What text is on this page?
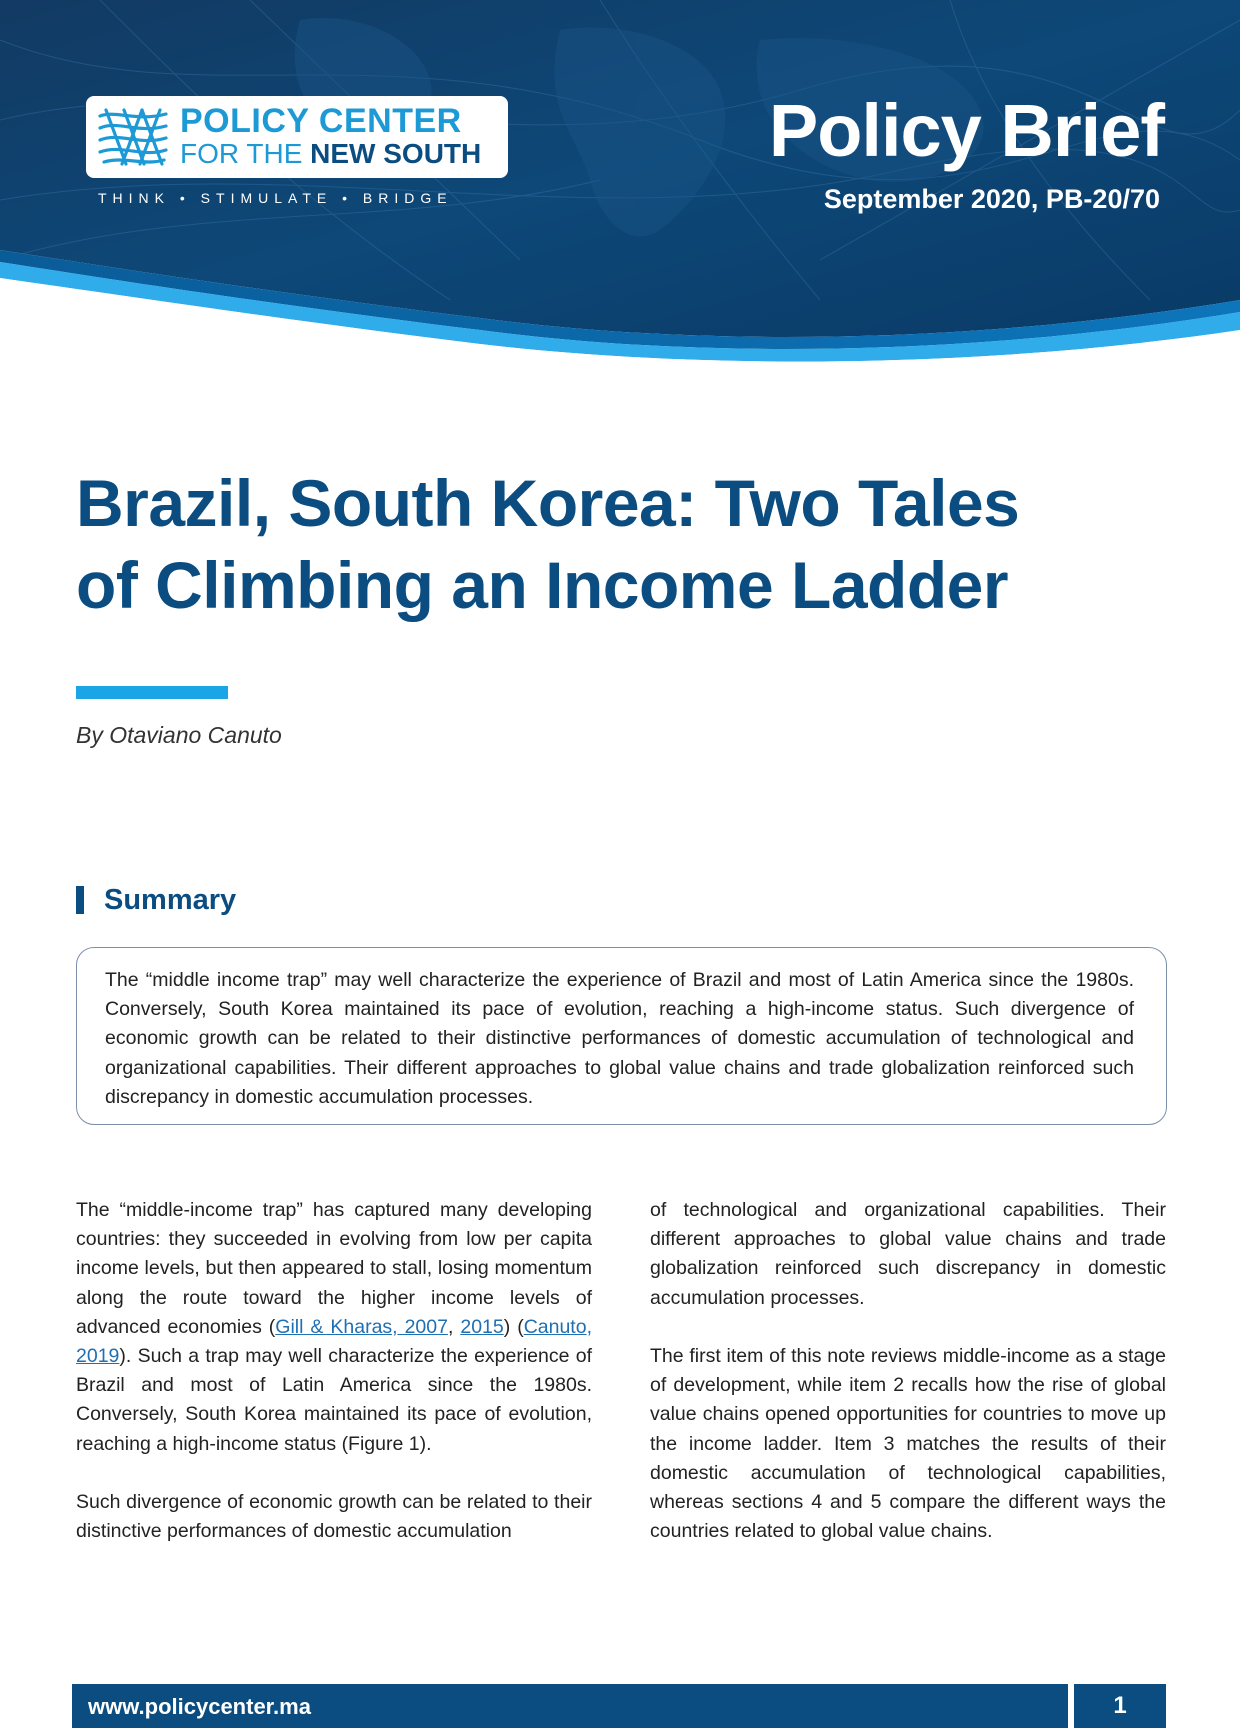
POLICY CENTER
FOR THE NEW SOUTH
THINK • STIMULATE • BRIDGE
Policy Brief
September 2020, PB-20/70
Brazil, South Korea: Two Tales
of Climbing an Income Ladder
By Otaviano Canuto
Summary

The “middle income trap” may well characterize the experience of Brazil and most of Latin America since the 1980s. Conversely, South Korea maintained its pace of evolution, reaching a high-income status. Such divergence of economic growth can be related to their distinctive performances of domestic accumulation of technological and organizational capabilities. Their different approaches to global value chains and trade globalization reinforced such discrepancy in domestic accumulation processes.

The “middle-income trap” has captured many developing countries: they succeeded in evolving from low per capita income levels, but then appeared to stall, losing momentum along the route toward the higher income levels of advanced economies (Gill & Kharas, 2007, 2015) (Canuto, 2019). Such a trap may well characterize the experience of Brazil and most of Latin America since the 1980s. Conversely, South Korea maintained its pace of evolution, reaching a high-income status (Figure 1).

Such divergence of economic growth can be related to their distinctive performances of domestic accumulation

of technological and organizational capabilities. Their different approaches to global value chains and trade globalization reinforced such discrepancy in domestic accumulation processes.

The first item of this note reviews middle-income as a stage of development, while item 2 recalls how the rise of global value chains opened opportunities for countries to move up the income ladder. Item 3 matches the results of their domestic accumulation of technological capabilities, whereas sections 4 and 5 compare the different ways the countries related to global value chains.

www.policycenter.ma	1
